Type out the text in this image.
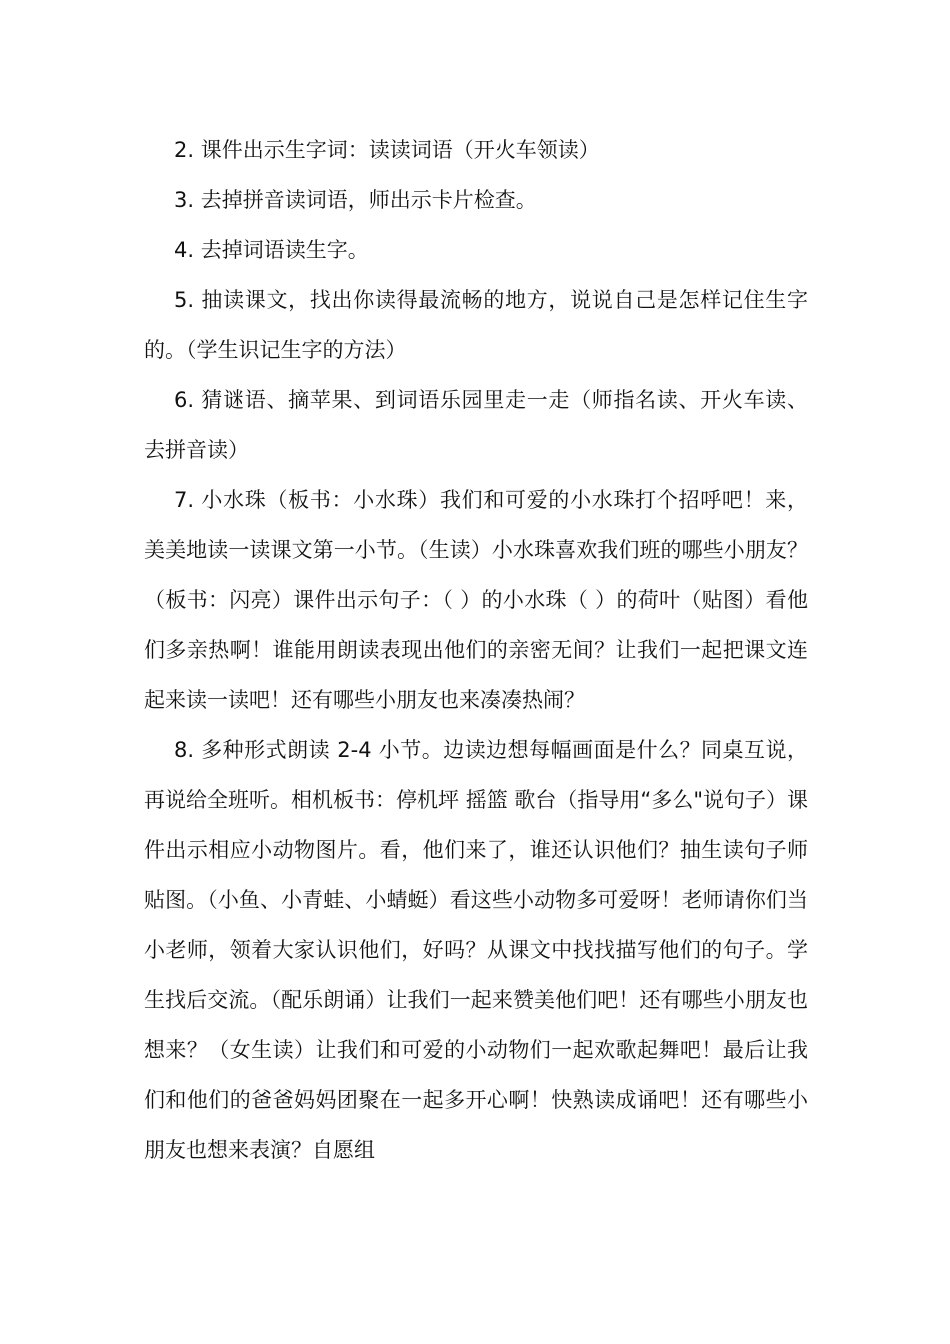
2. 课件出示生字词：读读词语（开火车领读）

3. 去掉拼音读词语，师出示卡片检查。

4. 去掉词语读生字。

5. 抽读课文，找出你读得最流畅的地方，说说自己是怎样记住生字的。（学生识记生字的方法）

6. 猜谜语、摘苹果、到词语乐园里走一走（师指名读、开火车读、去拼音读）

7. 小水珠（板书：小水珠）我们和可爱的小水珠打个招呼吧！来，美美地读一读课文第一小节。（生读）小水珠喜欢我们班的哪些小朋友？（板书：闪亮）课件出示句子：（ ）的小水珠（ ）的荷叶（贴图）看他们多亲热啊！谁能用朗读表现出他们的亲密无间？让我们一起把课文连起来读一读吧！还有哪些小朋友也来凑凑热闹？

8. 多种形式朗读 2-4 小节。边读边想每幅画面是什么？同桌互说，再说给全班听。相机板书：停机坪 摇篮 歌台（指导用“多么"说句子）课件出示相应小动物图片。看，他们来了，谁还认识他们？抽生读句子师贴图。（小鱼、小青蛙、小蜻蜓）看这些小动物多可爱呀！老师请你们当小老师，领着大家认识他们，好吗？从课文中找找描写他们的句子。学生找后交流。（配乐朗诵）让我们一起来赞美他们吧！还有哪些小朋友也想来？（女生读）让我们和可爱的小动物们一起欢歌起舞吧！最后让我们和他们的爸爸妈妈团聚在一起多开心啊！快熟读成诵吧！还有哪些小朋友也想来表演？自愿组
